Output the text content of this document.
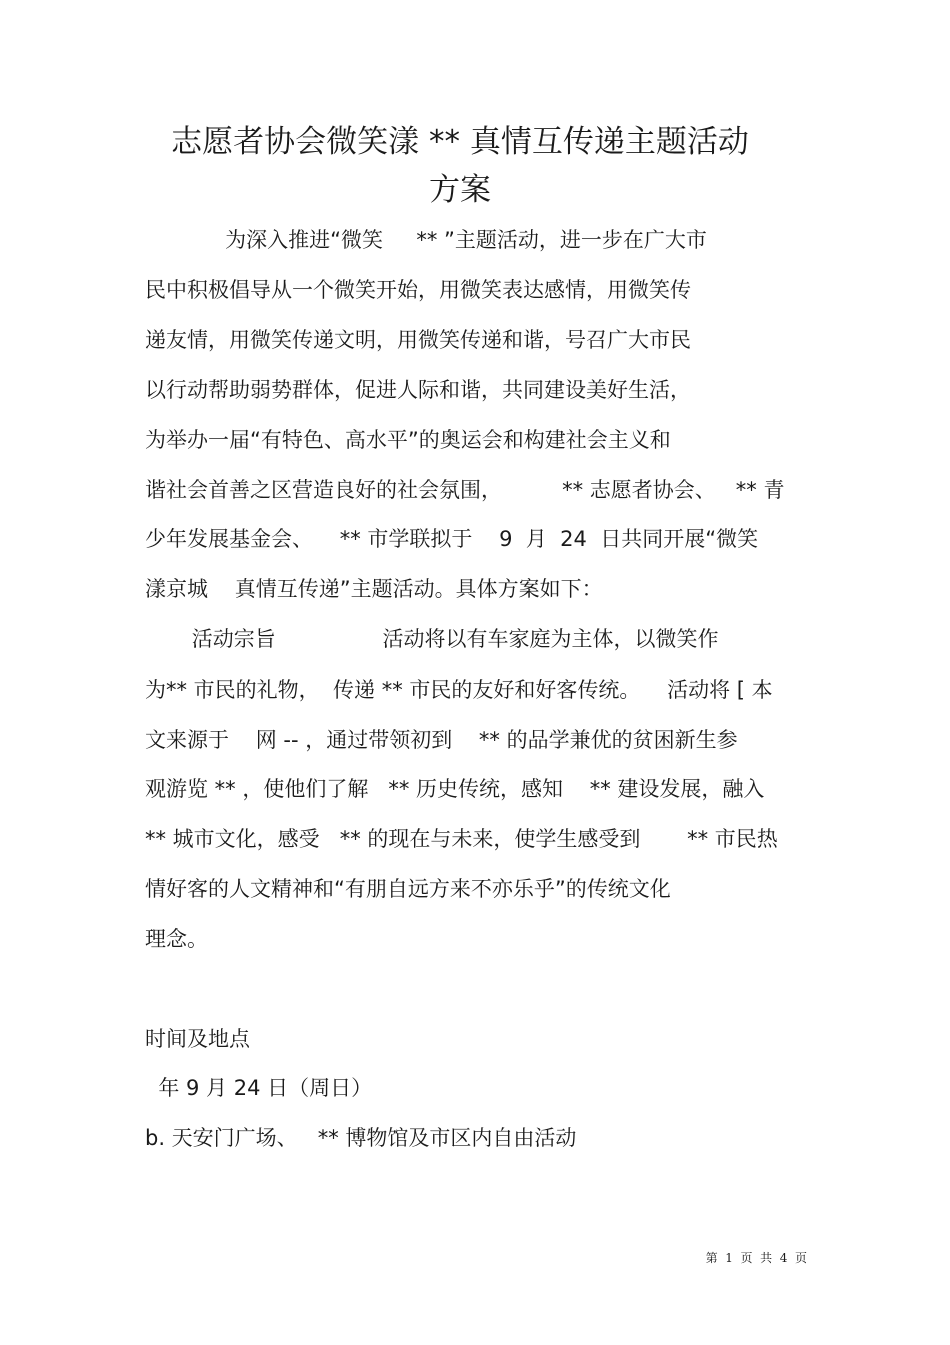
志愿者协会微笑漾 ** 真情互传递主题活动
方案
为深入推进“微笑     ** ”主题活动，进一步在广大市
民中积极倡导从一个微笑开始，用微笑表达感情，用微笑传
递友情，用微笑传递文明，用微笑传递和谐，号召广大市民
以行动帮助弱势群体，促进人际和谐，共同建设美好生活，
为举办一届“有特色、高水平”的奥运会和构建社会主义和
谐社会首善之区营造良好的社会氛围，         ** 志愿者协会、   ** 青
少年发展基金会、    ** 市学联拟于    9  月  24  日共同开展“微笑
漾京城    真情互传递”主题活动。具体方案如下：
活动宗旨                活动将以有车家庭为主体，以微笑作
为** 市民的礼物，  传递 ** 市民的友好和好客传统。    活动将 [ 本
文来源于    网 -- ，通过带领初到    ** 的品学兼优的贫困新生参
观游览 ** ，使他们了解   ** 历史传统，感知    ** 建设发展，融入
** 城市文化，感受   ** 的现在与未来，使学生感受到       ** 市民热
情好客的人文精神和“有朋自远方来不亦乐乎”的传统文化
理念。
时间及地点
年 9 月 24 日（周日）
b. 天安门广场、   ** 博物馆及市区内自由活动
第  1  页  共  4  页
